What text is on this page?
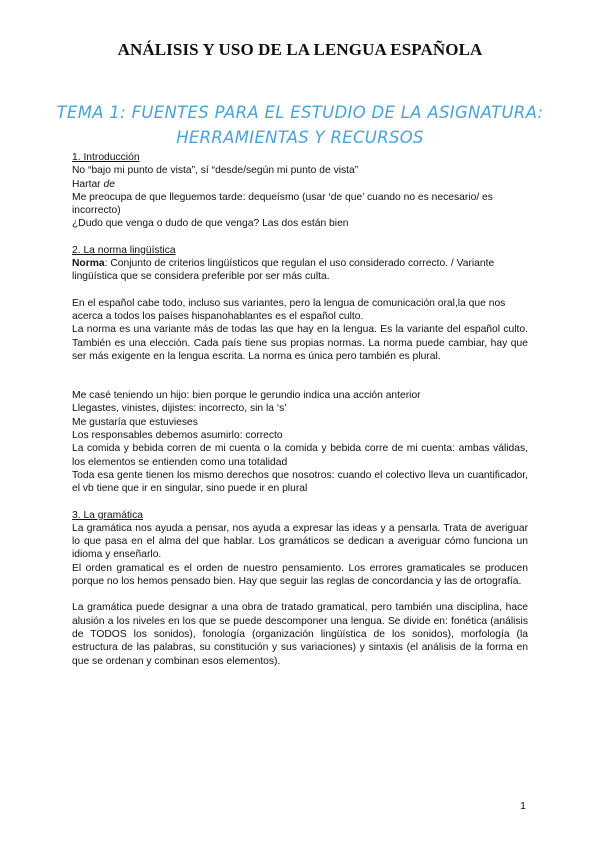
ANÁLISIS Y USO DE LA LENGUA ESPAÑOLA
TEMA 1: FUENTES PARA EL ESTUDIO DE LA ASIGNATURA:
HERRAMIENTAS Y RECURSOS

1. Introducción

No “bajo mi punto de vista”, sí “desde/según mi punto de vista”

Hartar de

Me preocupa de que lleguemos tarde: dequeísmo (usar ‘de que’ cuando no es necesario/ es incorrecto)

¿Dudo que venga o dudo de que venga? Las dos están bien

2. La norma lingüística

Norma: Conjunto de criterios lingüísticos que regulan el uso considerado correcto. / Variante lingüística que se considera preferible por ser más culta.

En el español cabe todo, incluso sus variantes, pero la lengua de comunicación oral,la que nos acerca a todos los países hispanohablantes es el español culto.

La norma es una variante más de todas las que hay en la lengua. Es la variante del español culto. También es una elección. Cada país tiene sus propias normas. La norma puede cambiar, hay que ser más exigente en la lengua escrita. La norma es única pero también es plural.

Me casé teniendo un hijo: bien porque le gerundio indica una acción anterior

Llegastes, vinistes, dijistes: incorrecto, sin la ‘s’

Me gustaría que estuvieses

Los responsables debemos asumirlo: correcto

La comida y bebida corren de mi cuenta o la comida y bebida corre de mi cuenta: ambas válidas, los elementos se entienden como una totalidad

Toda esa gente tienen los mismo derechos que nosotros: cuando el colectivo lleva un cuantificador, el vb tiene que ir en singular, sino puede ir en plural

3. La gramática

La gramática nos ayuda a pensar, nos ayuda a expresar las ideas y a pensarla. Trata de averiguar lo que pasa en el alma del que hablar. Los gramáticos se dedican a averiguar cómo funciona un idioma y enseñarlo.

El orden gramatical es el orden de nuestro pensamiento. Los errores gramaticales se producen porque no los hemos pensado bien. Hay que seguir las reglas de concordancia y las de ortografía.

La gramática puede designar a una obra de tratado gramatical, pero también una disciplina, hace alusión a los niveles en los que se puede descomponer una lengua. Se divide en: fonética (análisis de TODOS los sonidos), fonología (organización lingüística de los sonidos), morfología (la estructura de las palabras, su constitución y sus variaciones) y sintaxis (el análisis de la forma en que se ordenan y combinan esos elementos).

1
